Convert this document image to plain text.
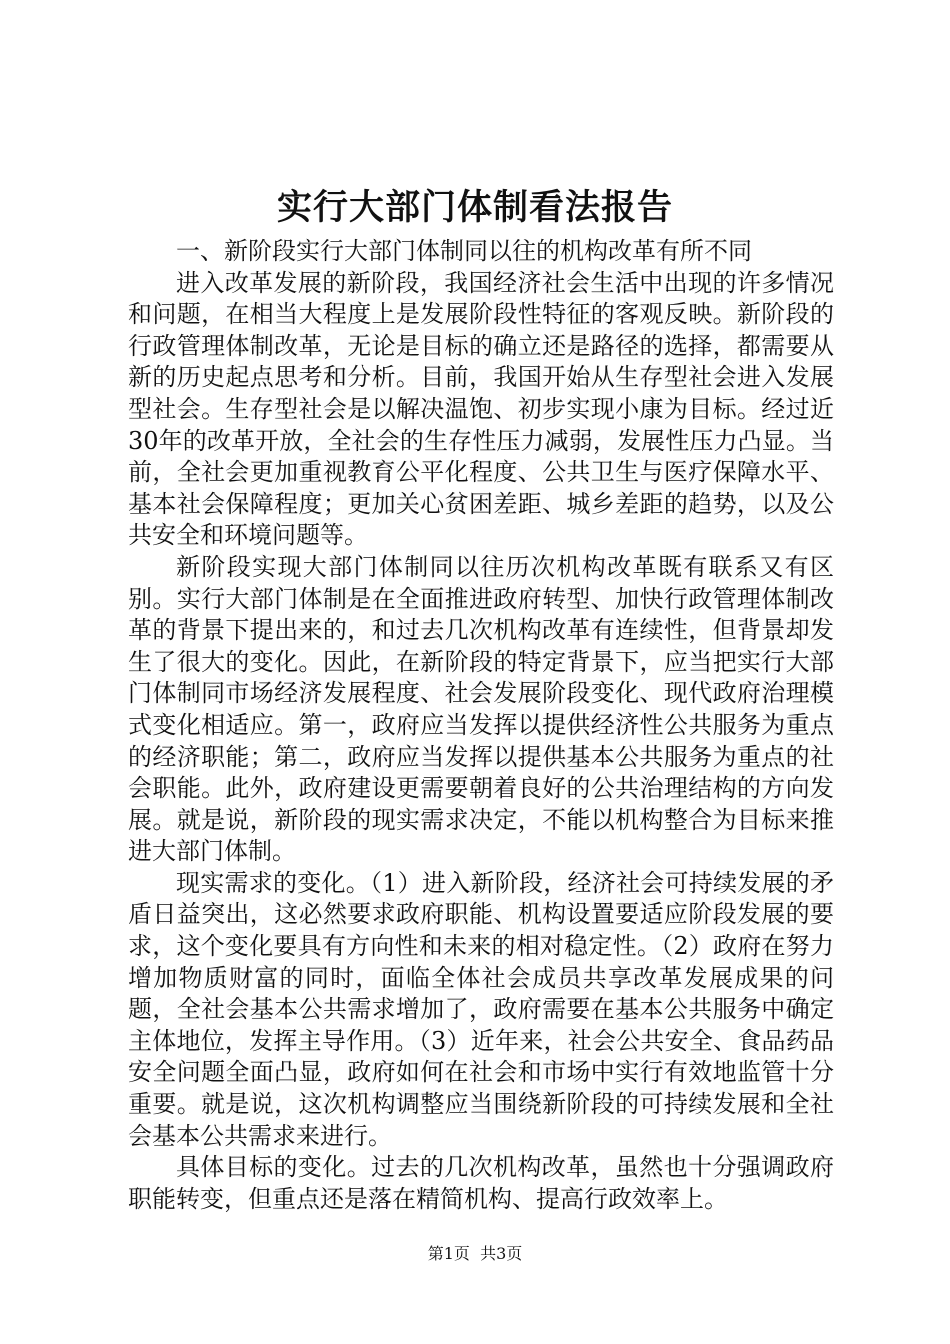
实行大部门体制看法报告

一、新阶段实行大部门体制同以往的机构改革有所不同

进入改革发展的新阶段，我国经济社会生活中出现的许多情况和问题，在相当大程度上是发展阶段性特征的客观反映。新阶段的行政管理体制改革，无论是目标的确立还是路径的选择，都需要从新的历史起点思考和分析。目前，我国开始从生存型社会进入发展型社会。生存型社会是以解决温饱、初步实现小康为目标。经过近30年的改革开放，全社会的生存性压力减弱，发展性压力凸显。当前，全社会更加重视教育公平化程度、公共卫生与医疗保障水平、基本社会保障程度；更加关心贫困差距、城乡差距的趋势，以及公共安全和环境问题等。

新阶段实现大部门体制同以往历次机构改革既有联系又有区别。实行大部门体制是在全面推进政府转型、加快行政管理体制改革的背景下提出来的，和过去几次机构改革有连续性，但背景却发生了很大的变化。因此，在新阶段的特定背景下，应当把实行大部门体制同市场经济发展程度、社会发展阶段变化、现代政府治理模式变化相适应。第一，政府应当发挥以提供经济性公共服务为重点的经济职能；第二，政府应当发挥以提供基本公共服务为重点的社会职能。此外，政府建设更需要朝着良好的公共治理结构的方向发展。就是说，新阶段的现实需求决定，不能以机构整合为目标来推进大部门体制。

现实需求的变化。（1）进入新阶段，经济社会可持续发展的矛盾日益突出，这必然要求政府职能、机构设置要适应阶段发展的要求，这个变化要具有方向性和未来的相对稳定性。（2）政府在努力增加物质财富的同时，面临全体社会成员共享改革发展成果的问题，全社会基本公共需求增加了，政府需要在基本公共服务中确定主体地位，发挥主导作用。（3）近年来，社会公共安全、食品药品安全问题全面凸显，政府如何在社会和市场中实行有效地监管十分重要。就是说，这次机构调整应当围绕新阶段的可持续发展和全社会基本公共需求来进行。

具体目标的变化。过去的几次机构改革，虽然也十分强调政府职能转变，但重点还是落在精简机构、提高行政效率上。

第1页 共3页
